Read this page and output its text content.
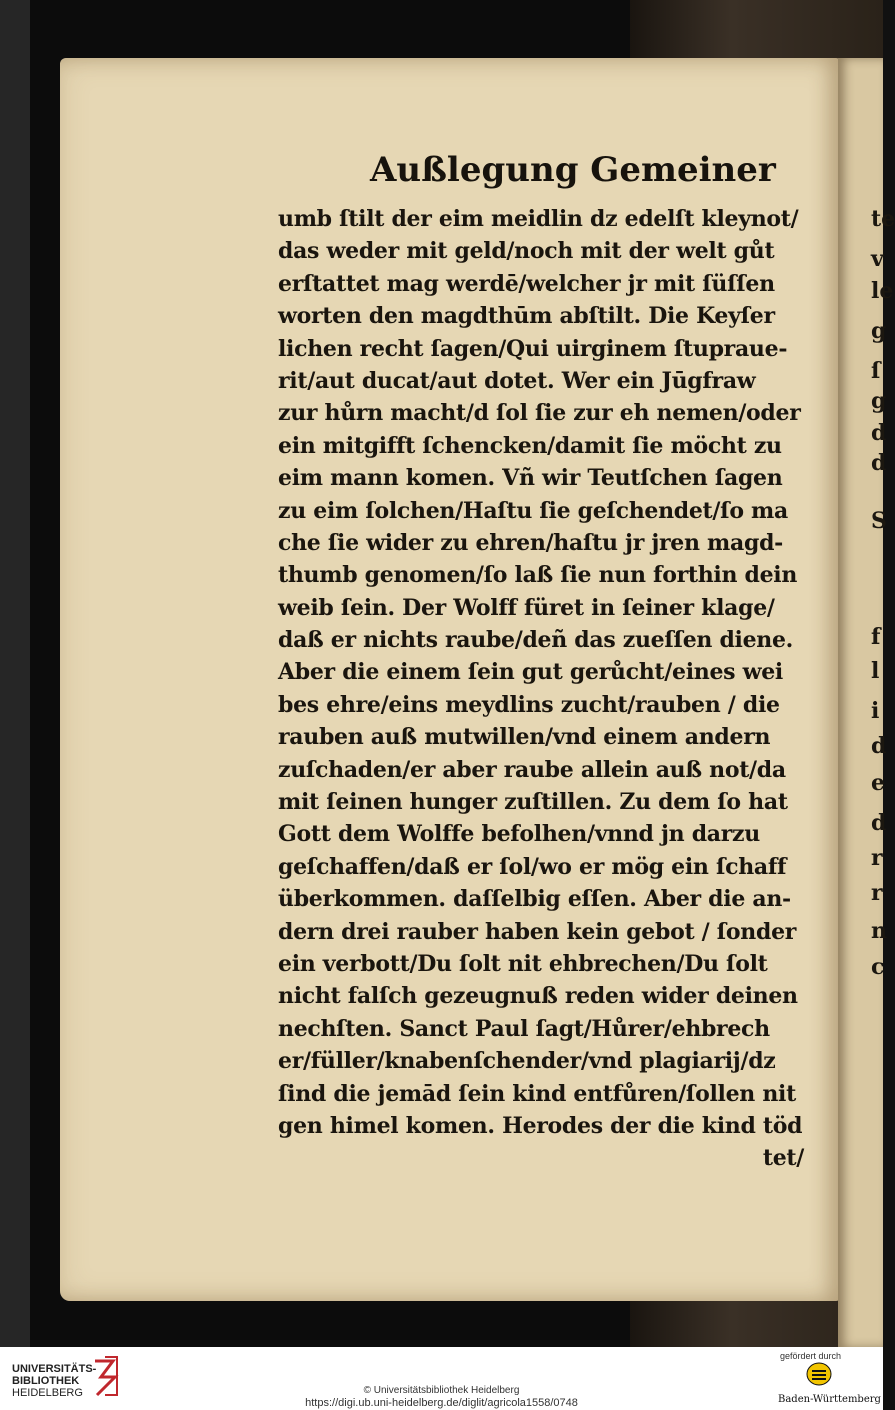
te
v
le
g
ſ
g
d
d
S
f
l
i
d
e
d
r
r
n
c
Außlegung Gemeiner
umb ſtilt der eim meidlin dz edelſt kleynot/
das weder mit geld/noch mit der welt gůt
erſtattet mag werdē/welcher jr mit ſüſſen
worten den magdthūm abſtilt. Die Keyſer
lichen recht ſagen/Qui uirginem ſtupraue-
rit/aut ducat/aut dotet. Wer ein Jūgfraw
zur hůrn macht/d ſol ſie zur eh nemen/oder
ein mitgifft ſchencken/damit ſie möcht zu
eim mann komen. Vñ wir Teutſchen ſagen
zu eim ſolchen/Haſtu ſie geſchendet/ſo ma
che ſie wider zu ehren/haſtu jr jren magd-
thumb genomen/ſo laß ſie nun forthin dein
weib ſein. Der Wolff füret in ſeiner klage/
daß er nichts raube/deñ das zueſſen diene.
Aber die einem ſein gut gerůcht/eines wei
bes ehre/eins meydlins zucht/rauben / die
rauben auß mutwillen/vnd einem andern
zuſchaden/er aber raube allein auß not/da
mit ſeinen hunger zuſtillen. Zu dem ſo hat
Gott dem Wolffe befolhen/vnnd jn darzu
geſchaffen/daß er ſol/wo er mög ein ſchaff
überkommen. daſſelbig eſſen. Aber die an-
dern drei rauber haben kein gebot / ſonder
ein verbott/Du ſolt nit ehbrechen/Du ſolt
nicht falſch gezeugnuß reden wider deinen
nechſten. Sanct Paul ſagt/Hůrer/ehbrech
er/füller/knabenſchender/vnd plagiarij/dz
ſind die jemād ſein kind entfůren/ſollen nit
gen himel komen. Herodes der die kind töd
tet/
UNIVERSITÄTS-
BIBLIOTHEK
HEIDELBERG	© Universitätsbibliothek Heidelberg
https://digi.ub.uni-heidelberg.de/diglit/agricola1558/0748
gefördert durch
Baden-Württemberg
